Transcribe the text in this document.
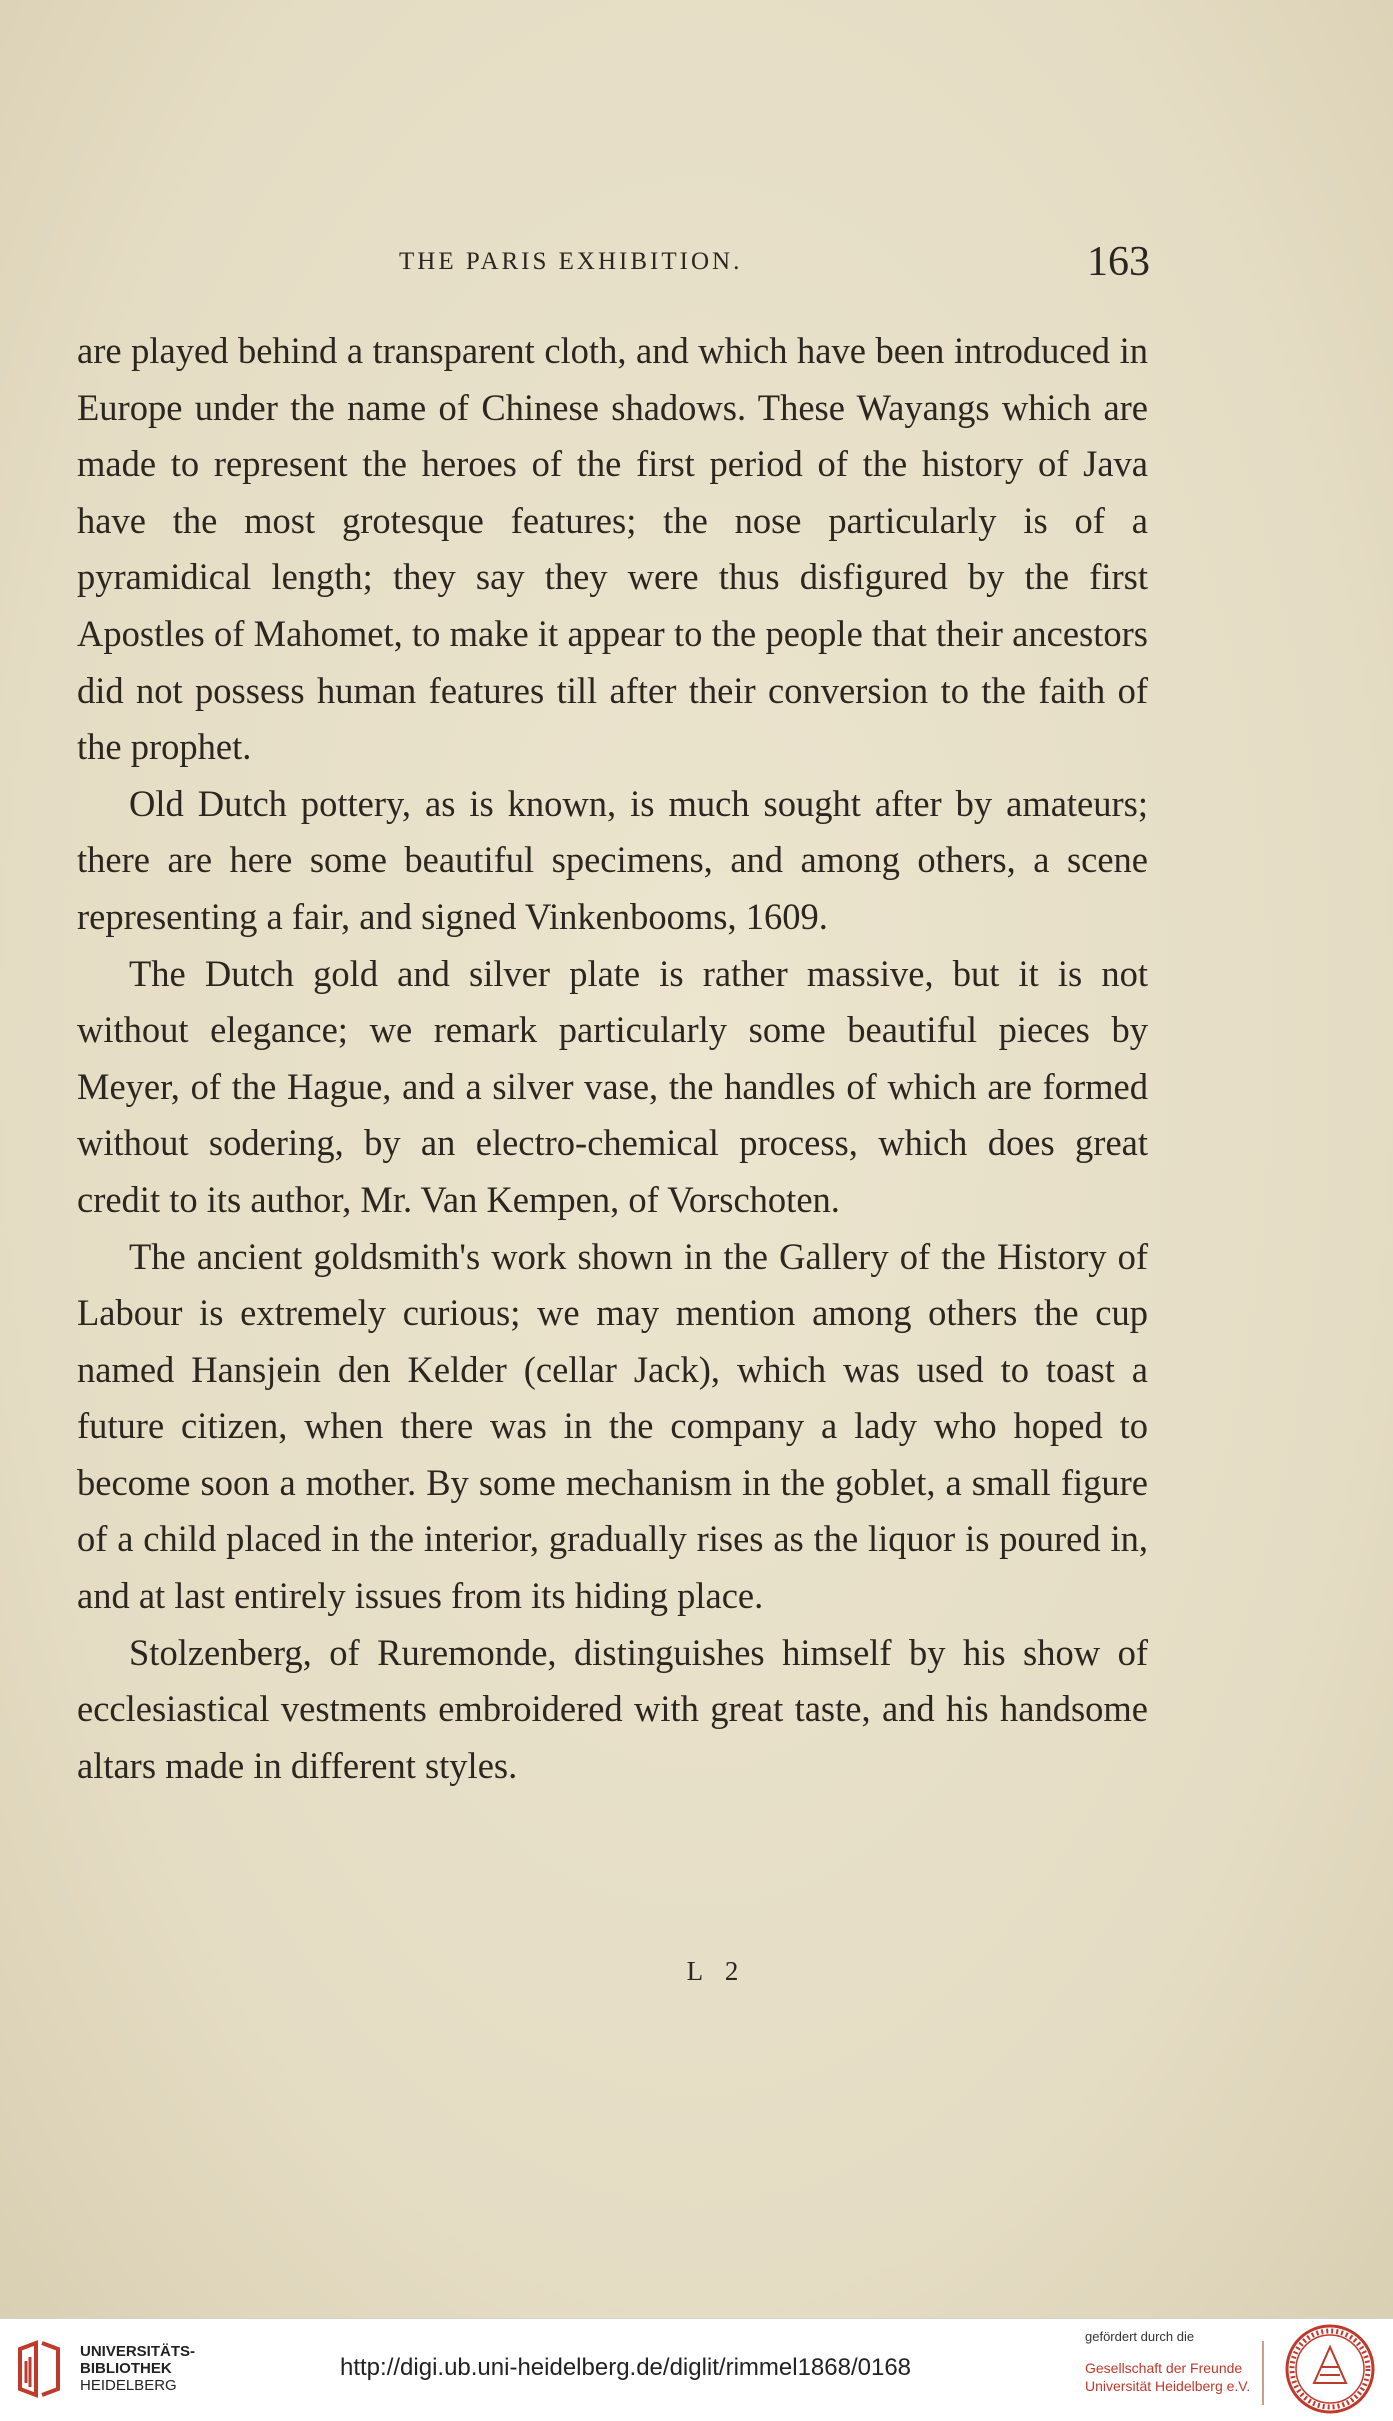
THE PARIS EXHIBITION.	163

are played behind a transparent cloth, and which have been introduced in Europe under the name of Chinese shadows. These Wayangs which are made to represent the heroes of the first period of the history of Java have the most grotesque features; the nose particularly is of a pyramidical length; they say they were thus disfigured by the first Apostles of Mahomet, to make it appear to the people that their ancestors did not possess human features till after their conversion to the faith of the prophet.

Old Dutch pottery, as is known, is much sought after by amateurs; there are here some beautiful specimens, and among others, a scene representing a fair, and signed Vinkenbooms, 1609.

The Dutch gold and silver plate is rather massive, but it is not without elegance; we remark particularly some beautiful pieces by Meyer, of the Hague, and a silver vase, the handles of which are formed without sodering, by an electro-chemical process, which does great credit to its author, Mr. Van Kempen, of Vorschoten.

The ancient goldsmith's work shown in the Gallery of the History of Labour is extremely curious; we may mention among others the cup named Hansjein den Kelder (cellar Jack), which was used to toast a future citizen, when there was in the company a lady who hoped to become soon a mother. By some mechanism in the goblet, a small figure of a child placed in the interior, gradually rises as the liquor is poured in, and at last entirely issues from its hiding place.

Stolzenberg, of Ruremonde, distinguishes himself by his show of ecclesiastical vestments embroidered with great taste, and his handsome altars made in different styles.

L 2
UNIVERSITÄTS-
BIBLIOTHEK
HEIDELBERG
http://digi.ub.uni-heidelberg.de/diglit/rimmel1868/0168
gefördert durch die
Gesellschaft der Freunde
Universität Heidelberg e.V.
